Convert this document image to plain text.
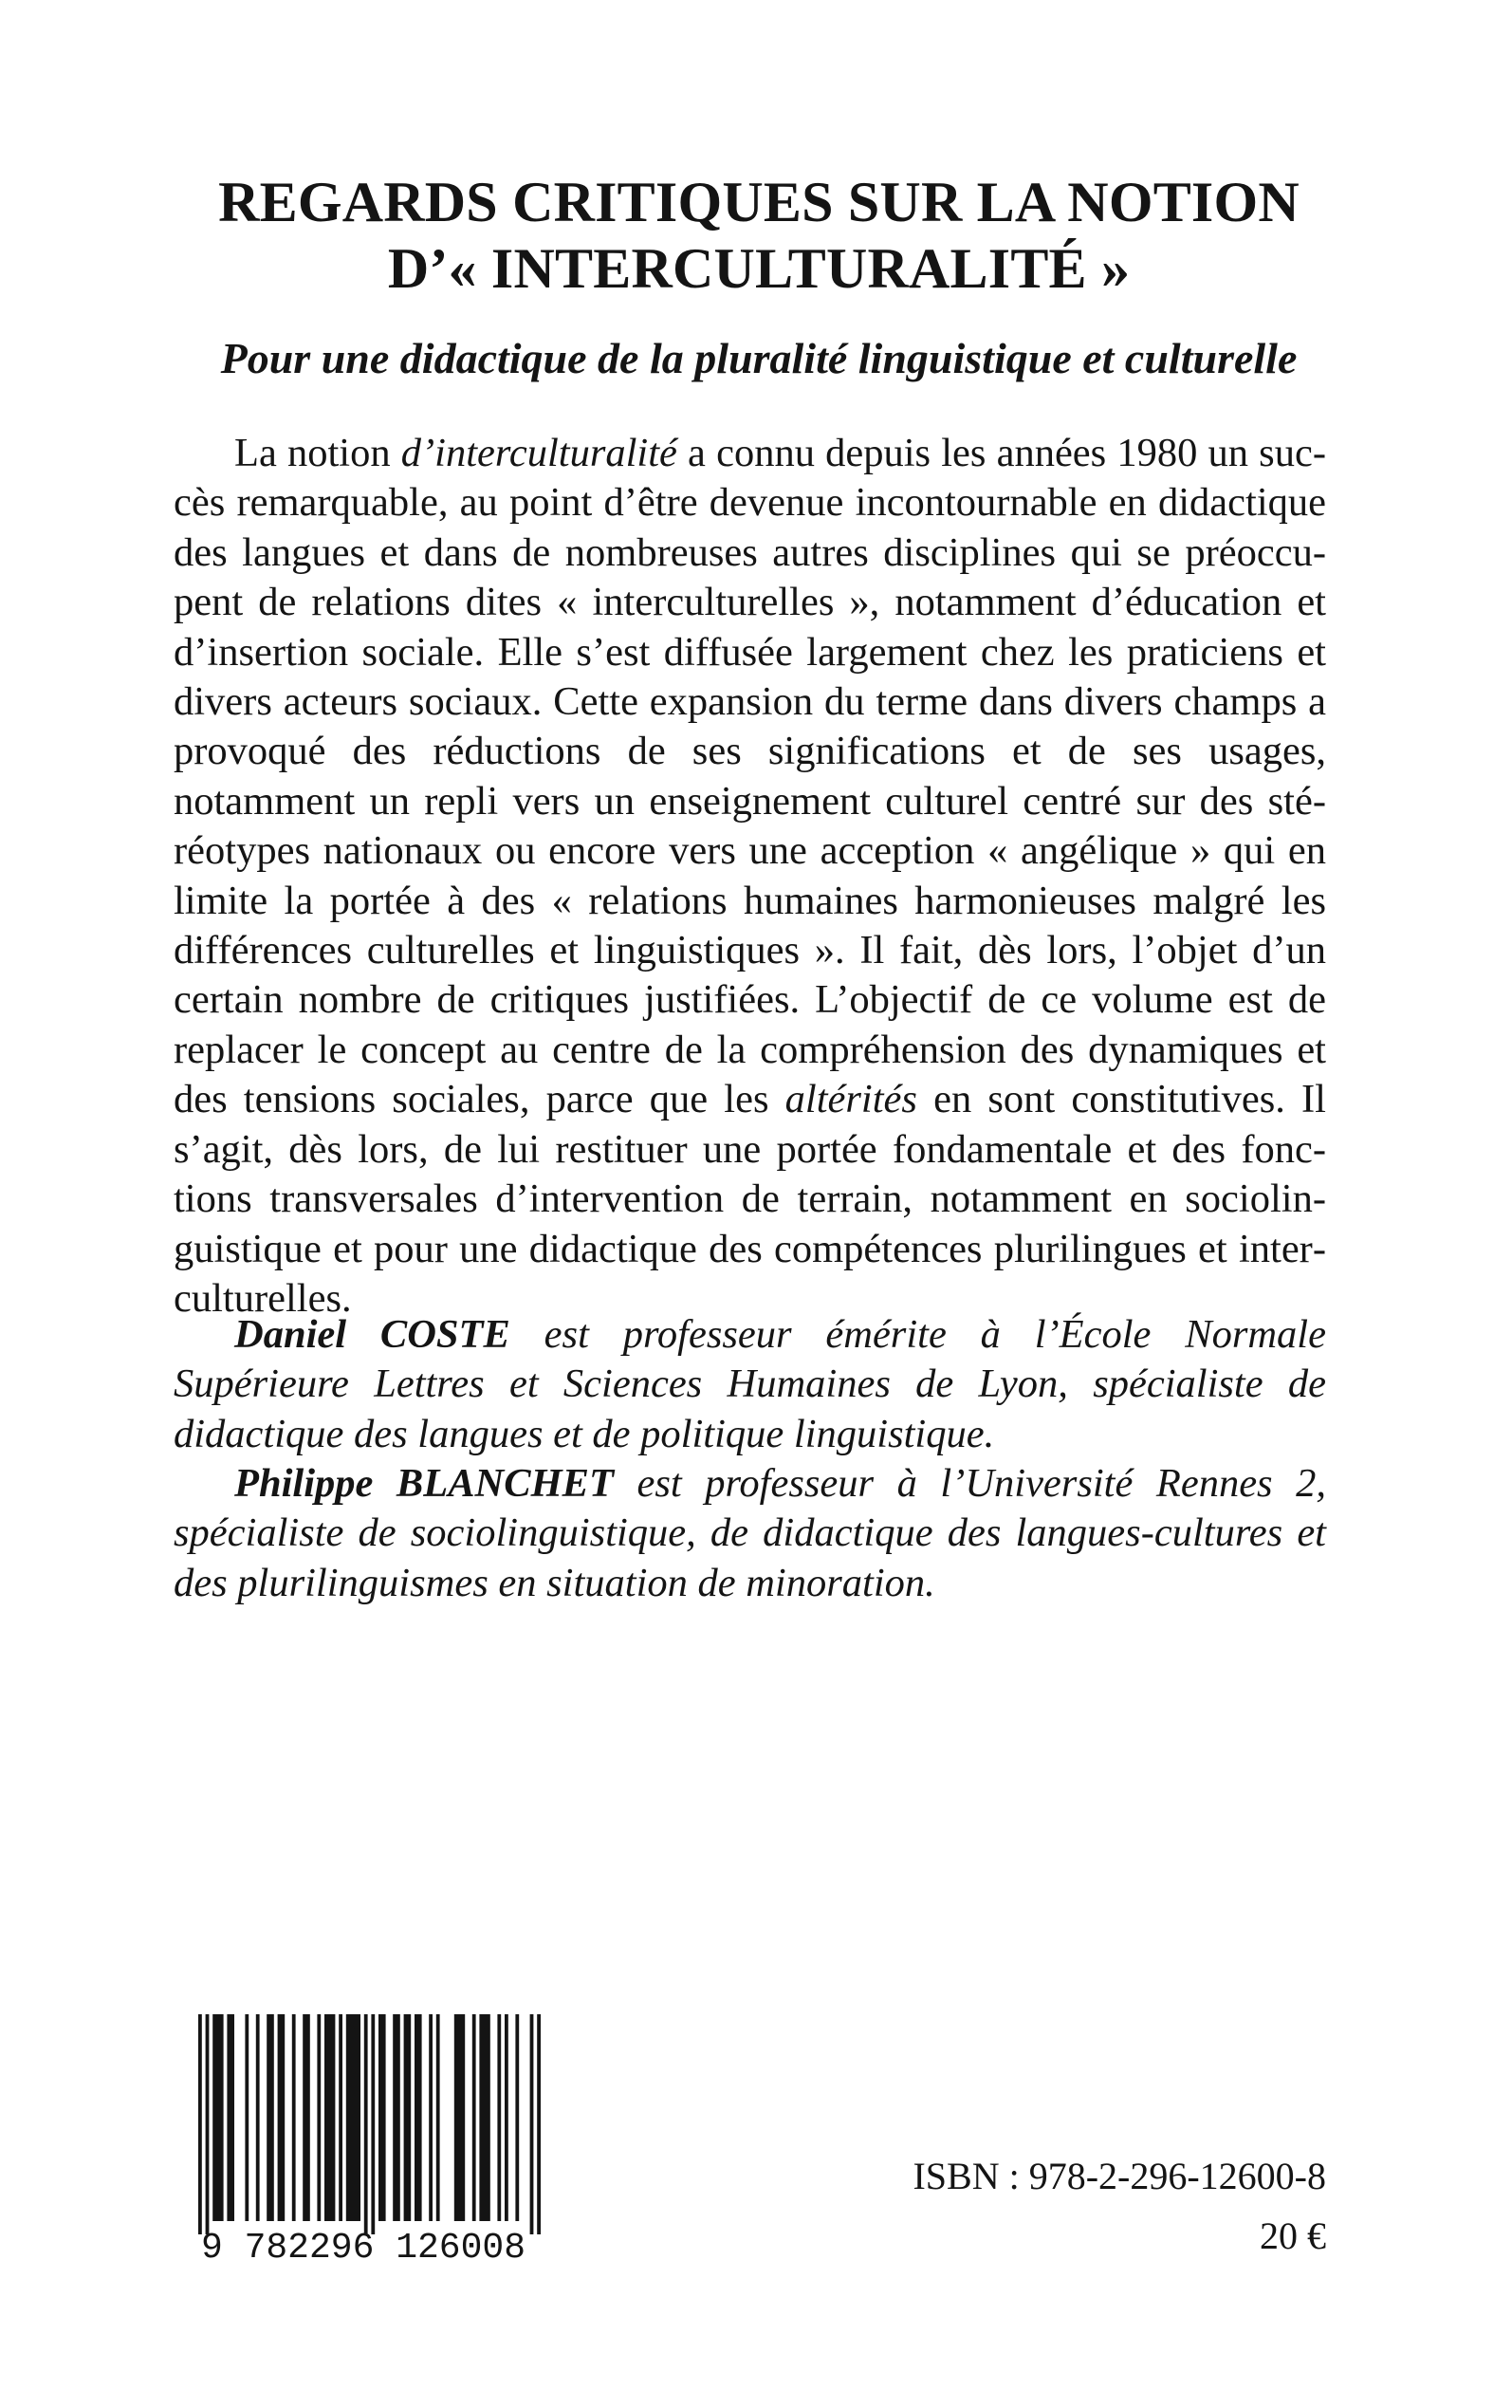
REGARDS CRITIQUES SUR LA NOTION
D’« INTERCULTURALITÉ »
Pour une didactique de la pluralité linguistique et culturelle

La notion d’interculturalité a connu depuis les années 1980 un succès remarquable, au point d’être devenue incontournable en didactique des langues et dans de nombreuses autres disciplines qui se préoccupent de relations dites « interculturelles », notamment d’éducation et d’insertion sociale. Elle s’est diffusée largement chez les praticiens et divers acteurs sociaux. Cette expansion du terme dans divers champs a provoqué des réductions de ses significations et de ses usages, notamment un repli vers un enseignement culturel centré sur des stéréotypes nationaux ou encore vers une acception « angélique » qui en limite la portée à des « relations humaines harmonieuses malgré les différences culturelles et linguistiques ». Il fait, dès lors, l’objet d’un certain nombre de critiques justifiées. L’objectif de ce volume est de replacer le concept au centre de la compréhension des dynamiques et des tensions sociales, parce que les altérités en sont constitutives. Il s’agit, dès lors, de lui restituer une portée fondamentale et des fonctions transversales d’intervention de terrain, notamment en sociolinguistique et pour une didactique des compétences plurilingues et interculturelles.

Daniel COSTE est professeur émérite à l’École Normale Supérieure Lettres et Sciences Humaines de Lyon, spécialiste de didactique des langues et de politique linguistique.

Philippe BLANCHET est professeur à l’Université Rennes 2, spécialiste de sociolinguistique, de didactique des langues-cultures et des plurilinguismes en situation de minoration.

9 782296 126008
ISBN : 978-2-296-12600-8
20 €
